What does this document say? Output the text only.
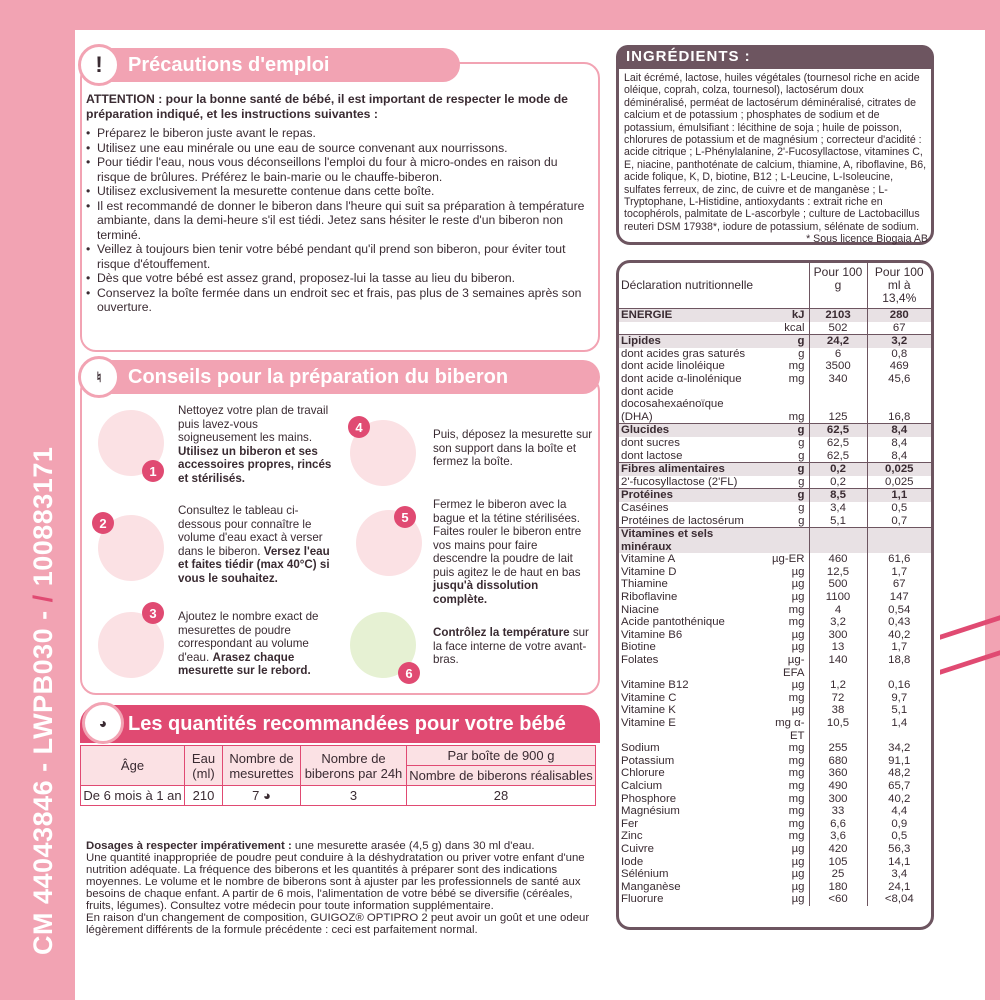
CM 44043846 - LWPB030 - / 100883171
Précautions d'emploi
!
ATTENTION : pour la bonne santé de bébé, il est important de respecter le mode de préparation indiqué, et les instructions suivantes :
• Préparez le biberon juste avant le repas.
• Utilisez une eau minérale ou une eau de source convenant aux nourrissons.
• Pour tiédir l'eau, nous vous déconseillons l'emploi du four à micro-ondes en raison du risque de brûlures. Préférez le bain-marie ou le chauffe-biberon.
• Utilisez exclusivement la mesurette contenue dans cette boîte.
• Il est recommandé de donner le biberon dans l'heure qui suit sa préparation à température ambiante, dans la demi-heure s'il est tiédi. Jetez sans hésiter le reste d'un biberon non terminé.
• Veillez à toujours bien tenir votre bébé pendant qu'il prend son biberon, pour éviter tout risque d'étouffement.
• Dès que votre bébé est assez grand, proposez-lui la tasse au lieu du biberon.
• Conservez la boîte fermée dans un endroit sec et frais, pas plus de 3 semaines après son ouverture.
Conseils pour la préparation du biberon
♮
1
Nettoyez votre plan de travail puis lavez-vous soigneusement les mains. Utilisez un biberon et ses accessoires propres, rincés et stérilisés.
2
Consultez le tableau ci-dessous pour connaître le volume d'eau exact à verser dans le biberon. Versez l'eau et faites tiédir (max 40°C) si vous le souhaitez.
3	Ajoutez le nombre exact de mesurettes de poudre correspondant au volume d'eau. Arasez chaque mesurette sur le rebord.
4	Puis, déposez la mesurette sur son support dans la boîte et fermez la boîte.
5
Fermez le biberon avec la bague et la tétine stérilisées. Faites rouler le biberon entre vos mains pour faire descendre la poudre de lait puis agitez le de haut en bas jusqu'à dissolution complète.
6
Contrôlez la température sur la face interne de votre avant-bras.
Les quantités recommandées pour votre bébé
◕
Âge	Eau (ml)	Nombre de mesurettes	Nombre de biberons par 24h	Par boîte de 900 g
				Nombre de biberons réalisables
De 6 mois à 1 an	210	7 ◕	3	28
Dosages à respecter impérativement : une mesurette arasée (4,5 g) dans 30 ml d'eau.
Une quantité inappropriée de poudre peut conduire à la déshydratation ou priver votre enfant d'une nutrition adéquate. La fréquence des biberons et les quantités à préparer sont des indications moyennes. Le volume et le nombre de biberons sont à ajuster par les professionnels de santé aux besoins de chaque enfant. A partir de 6 mois, l'alimentation de votre bébé se diversifie (céréales, fruits, légumes). Consultez votre médecin pour toute information supplémentaire.
En raison d'un changement de composition, GUIGOZ® OPTIPRO 2 peut avoir un goût et une odeur légèrement différents de la formule précédente : ceci est parfaitement normal.
INGRÉDIENTS :
Lait écrémé, lactose, huiles végétales (tournesol riche en acide oléique, coprah, colza, tournesol), lactosérum doux déminéralisé, perméat de lactosérum déminéralisé, citrates de calcium et de potassium ; phosphates de sodium et de potassium, émulsifiant : lécithine de soja ; huile de poisson, chlorures de potassium et de magnésium ; correcteur d'acidité : acide citrique ; L-Phénylalanine, 2'-Fucosyllactose, vitamines C, E, niacine, panthoténate de calcium, thiamine, A, riboflavine, B6, acide folique, K, D, biotine, B12 ; L-Leucine, L-Isoleucine, sulfates ferreux, de zinc, de cuivre et de manganèse ; L-Tryptophane, L-Histidine, antioxydants : extrait riche en tocophérols, palmitate de L-ascorbyle ; culture de Lactobacillus reuteri DSM 17938*, iodure de potassium, sélénate de sodium.
* Sous licence Biogaia AB
Déclaration nutritionnelle		Pour 100 g	Pour 100 ml à 13,4%
ENERGIE	kJ	2103	280
	kcal	502	67
Lipides	g	24,2	3,2
dont acides gras saturés	g	6	0,8
dont acide linoléique	mg	3500	469
dont acide α-linolénique	mg	340	45,6
dont acide docosahexaénoïque			
(DHA)	mg	125	16,8
Glucides	g	62,5	8,4
dont sucres	g	62,5	8,4
dont lactose	g	62,5	8,4
Fibres alimentaires	g	0,2	0,025
2'-fucosyllactose (2'FL)	g	0,2	0,025
Protéines	g	8,5	1,1
Caséines	g	3,4	0,5
Protéines de lactosérum	g	5,1	0,7
Vitamines et sels minéraux			
Vitamine A	µg-ER	460	61,6
Vitamine D	µg	12,5	1,7
Thiamine	µg	500	67
Riboflavine	µg	1100	147
Niacine	mg	4	0,54
Acide pantothénique	mg	3,2	0,43
Vitamine B6	µg	300	40,2
Biotine	µg	13	1,7
Folates	µg-EFA	140	18,8
Vitamine B12	µg	1,2	0,16
Vitamine C	mg	72	9,7
Vitamine K	µg	38	5,1
Vitamine E	mg α-ET	10,5	1,4
Sodium	mg	255	34,2
Potassium	mg	680	91,1
Chlorure	mg	360	48,2
Calcium	mg	490	65,7
Phosphore	mg	300	40,2
Magnésium	mg	33	4,4
Fer	mg	6,6	0,9
Zinc	mg	3,6	0,5
Cuivre	µg	420	56,3
Iode	µg	105	14,1
Sélénium	µg	25	3,4
Manganèse	µg	180	24,1
Fluorure	µg	<60	<8,04
